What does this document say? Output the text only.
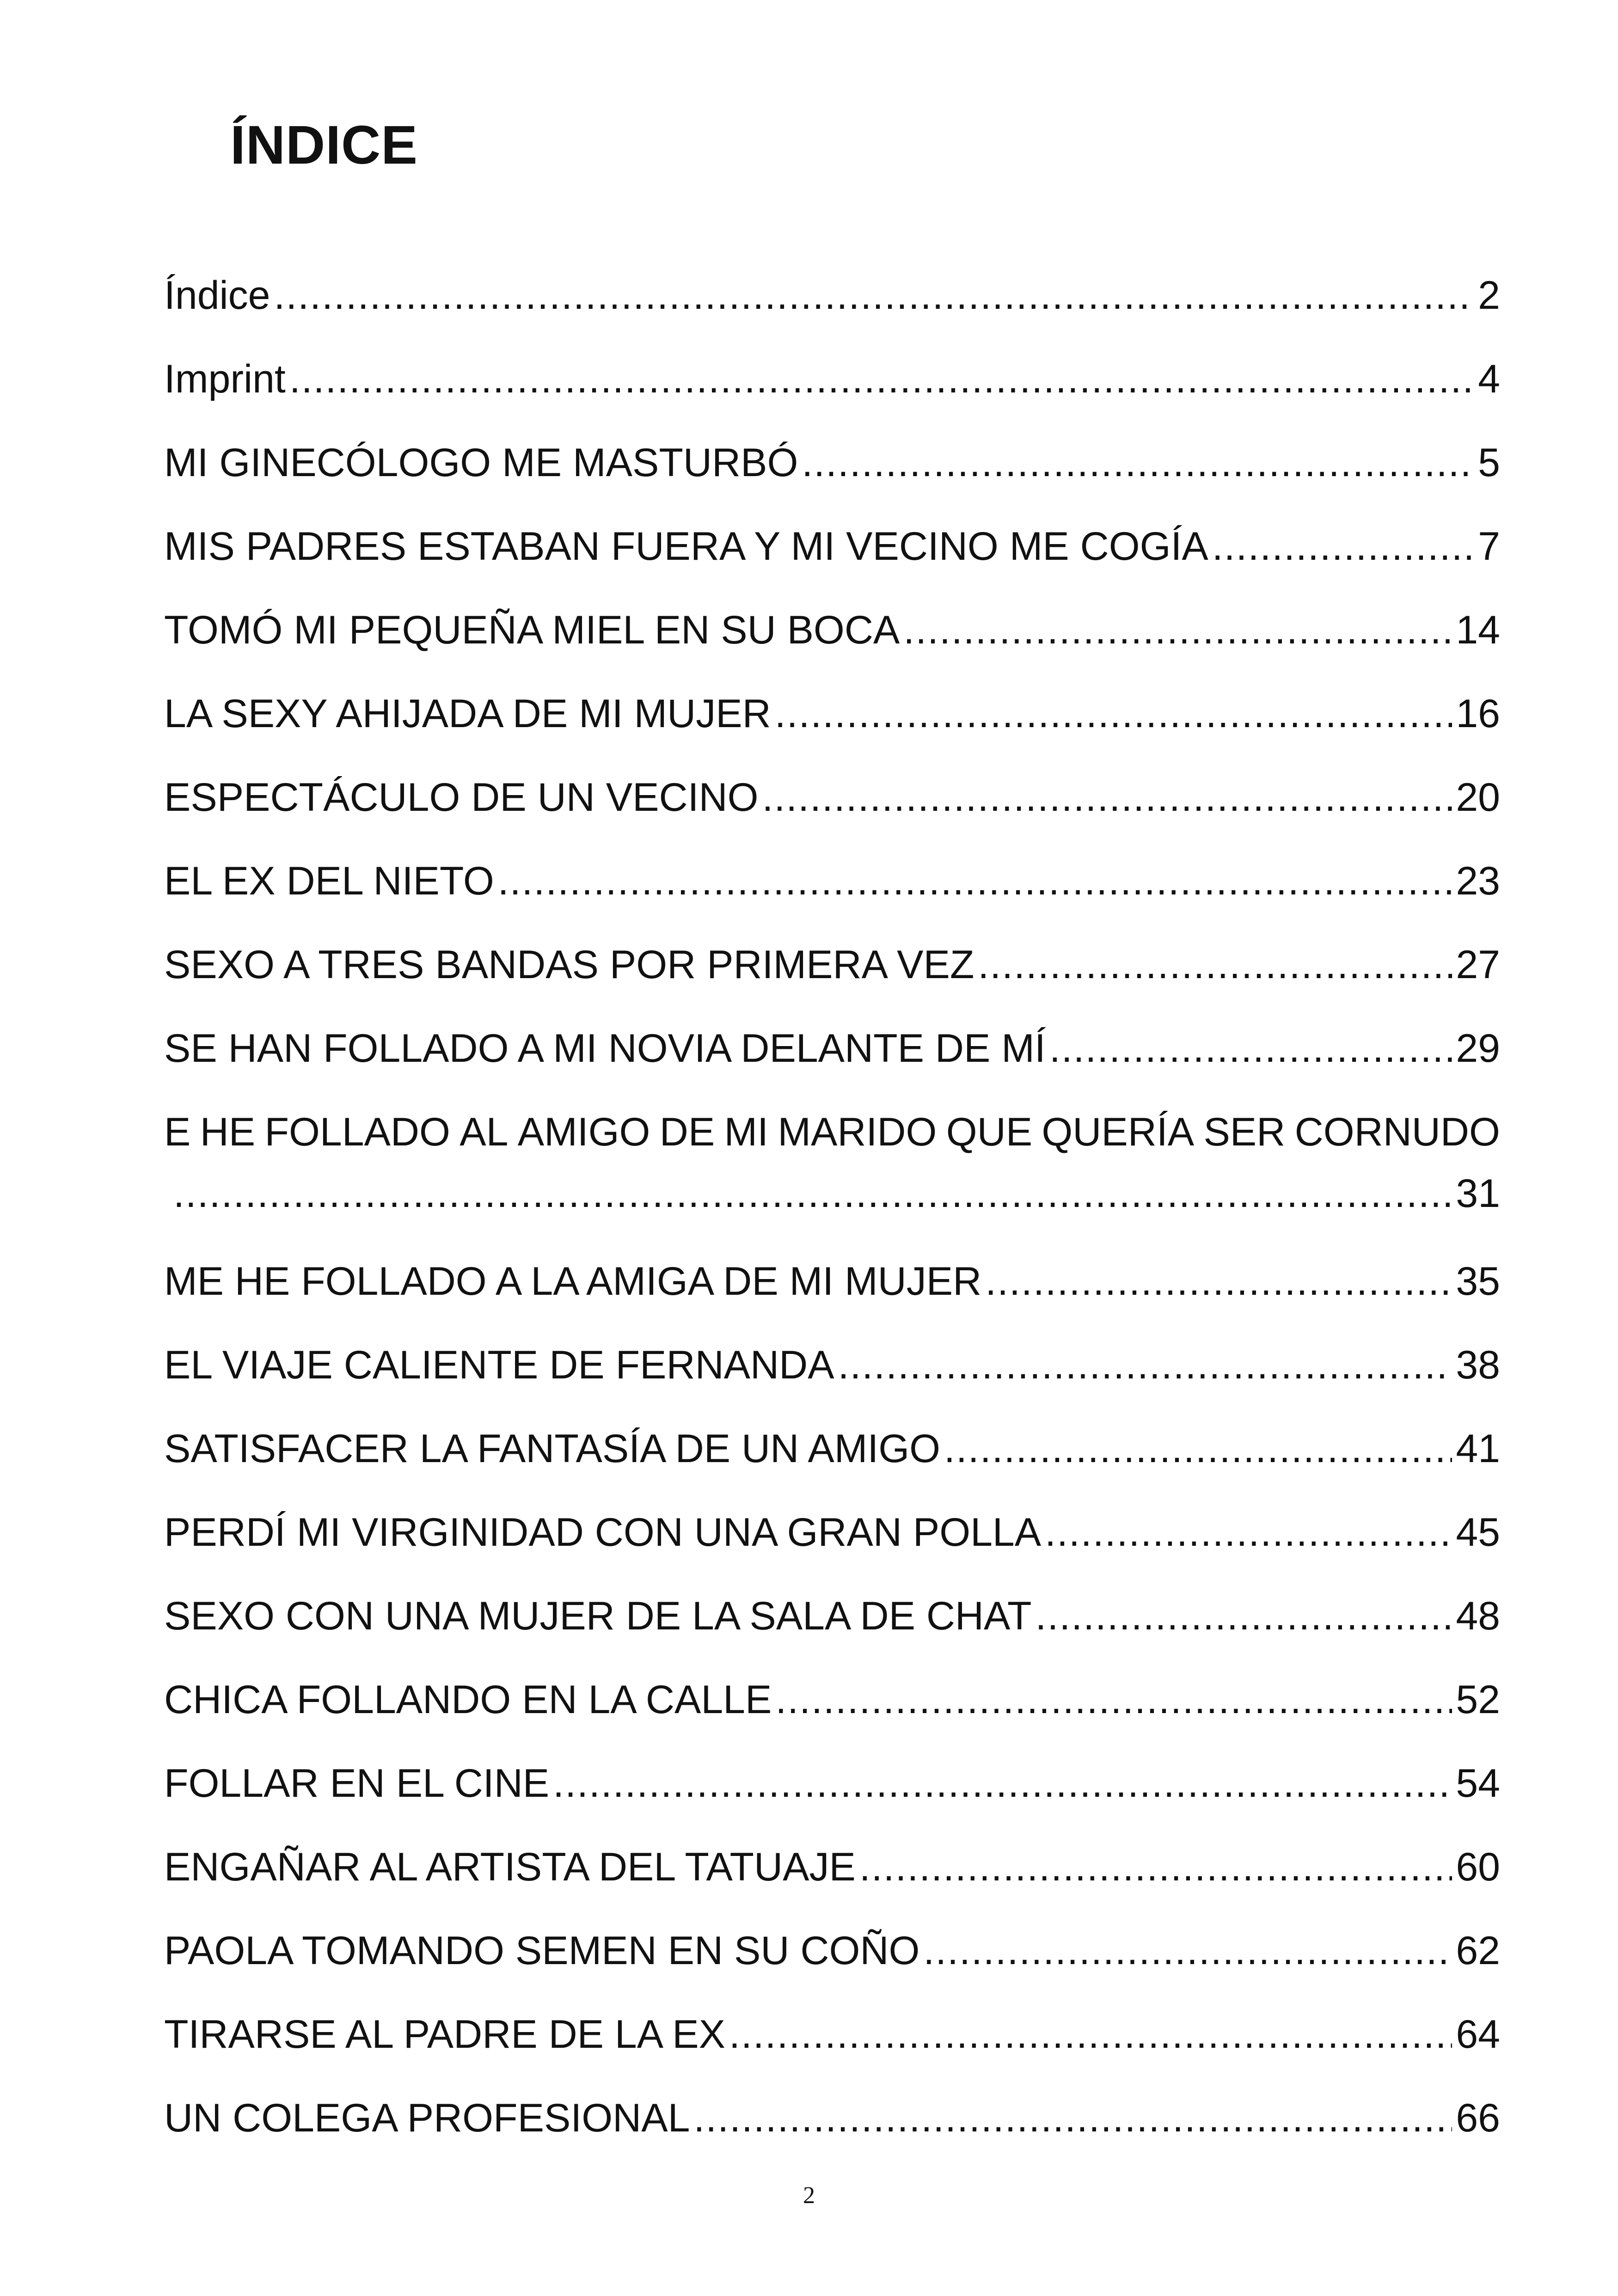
ÍNDICE
Índice .....	2
Imprint .....	4
MI GINECÓLOGO ME MASTURBÓ .....	5
MIS PADRES ESTABAN FUERA Y MI VECINO ME COGÍA .....	7
TOMÓ MI PEQUEÑA MIEL EN SU BOCA .....	14
LA SEXY AHIJADA DE MI MUJER .....	16
ESPECTÁCULO DE UN VECINO .....	20
EL EX DEL NIETO .....	23
SEXO A TRES BANDAS POR PRIMERA VEZ .....	27
SE HAN FOLLADO A MI NOVIA DELANTE DE MÍ .....	29
E HE FOLLADO AL AMIGO DE MI MARIDO QUE QUERÍA SER CORNUDO
.....
31
ME HE FOLLADO A LA AMIGA DE MI MUJER .....	35
EL VIAJE CALIENTE DE FERNANDA .....	38
SATISFACER LA FANTASÍA DE UN AMIGO .....	41
PERDÍ MI VIRGINIDAD CON UNA GRAN POLLA .....	45
SEXO CON UNA MUJER DE LA SALA DE CHAT .....	48
CHICA FOLLANDO EN LA CALLE .....	52
FOLLAR EN EL CINE .....	54
ENGAÑAR AL ARTISTA DEL TATUAJE .....	60
PAOLA TOMANDO SEMEN EN SU COÑO .....	62
TIRARSE AL PADRE DE LA EX .....	64
UN COLEGA PROFESIONAL .....	66

2
